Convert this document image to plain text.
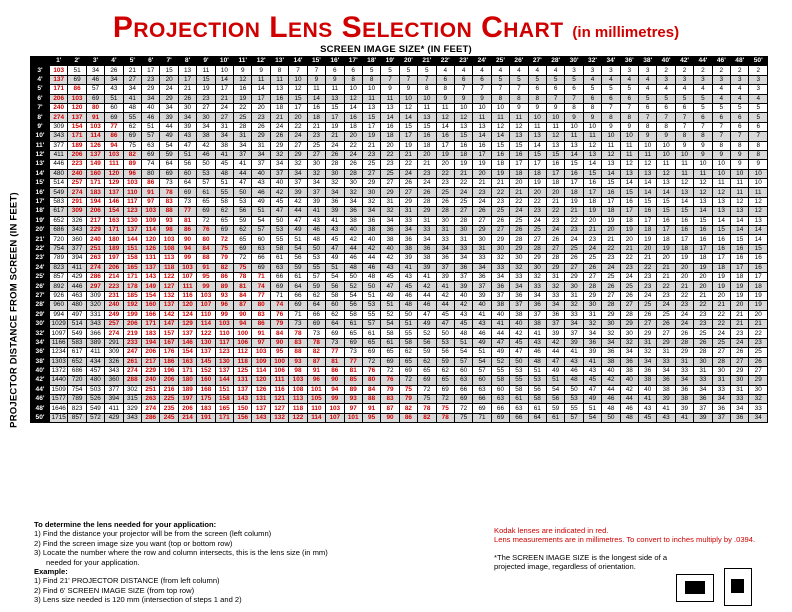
Projection Lens Selection Chart (in millimetres)
SCREEN IMAGE SIZE* (IN FEET)
PROJECTOR DISTANCE FROM SCREEN (IN FEET)
	1'	2'	3'	4'	5'	6'	7'	8'	9'	10'	11'	12'	13'	14'	15'	16'	17'	18'	19'	20'	21'	22'	23'	24'	25'	26'	27'	28'	30'	32'	34'	36'	38'	40'	42'	44'	46'	48'	50'
3'	103	51	34	26	21	17	15	13	11	10	9	9	8	7	7	6	6	5	5	5	5	4	4	4	4	4	4	4	3	3	3	3	3	2	2	2	2	2	2
4'	137	69	46	34	27	23	20	17	15	14	12	11	11	10	9	9	8	8	7	7	7	6	6	6	5	5	5	5	5	4	4	4	4	3	3	3	3	3	3
5'	171	86	57	43	34	29	24	21	19	17	16	14	13	12	11	11	10	10	9	9	8	8	7	7	7	7	6	6	6	5	5	5	4	4	4	4	4	4	3
6'	206	103	69	51	41	34	29	26	23	21	19	17	16	15	14	13	12	11	11	10	10	9	9	9	8	8	8	7	7	6	6	6	5	5	5	5	4	4	4
7'	240	120	80	60	48	40	34	30	27	24	22	20	18	17	16	15	14	13	13	12	11	11	10	10	10	9	9	9	8	8	7	7	6	6	6	5	5	5	5
8'	274	137	91	69	55	46	39	34	30	27	25	23	21	20	18	17	16	15	14	14	13	12	12	11	11	11	10	10	9	9	8	8	7	7	7	6	6	6	5
9'	309	154	103	77	62	51	44	39	34	31	28	26	24	22	21	19	18	17	16	15	15	14	13	13	12	12	11	11	10	10	9	9	8	8	7	7	7	6	6
10'	343	171	114	86	69	57	49	43	38	34	31	29	26	24	23	21	20	19	18	17	16	16	15	14	14	13	13	12	11	11	10	10	9	9	8	8	7	7	7
11'	377	189	126	94	75	63	54	47	42	38	34	31	29	27	25	24	22	21	20	19	18	17	16	16	15	15	14	13	13	12	11	11	10	10	9	9	8	8	8
12'	411	206	137	103	82	69	59	51	46	41	37	34	32	29	27	26	24	23	22	21	20	19	18	17	16	16	15	15	14	13	12	11	11	10	10	9	9	9	8
13'	446	223	149	111	89	74	64	56	50	45	41	37	34	32	30	28	26	25	23	22	21	20	19	19	18	17	17	16	15	14	13	12	12	11	11	10	10	9	9
14'	480	240	160	120	96	80	69	60	53	48	44	40	37	34	32	30	28	27	25	24	23	22	21	20	19	18	18	17	16	15	14	13	13	12	11	11	10	10	10
15'	514	257	171	129	103	86	73	64	57	51	47	43	40	37	34	32	30	29	27	26	24	23	22	21	21	20	19	18	17	16	15	14	14	13	12	12	11	11	10
16'	549	274	183	137	110	91	78	69	61	55	50	46	42	39	37	34	32	30	29	27	26	25	24	23	22	21	20	20	18	17	16	15	14	14	13	12	12	11	11
17'	583	291	194	146	117	97	83	73	65	58	53	49	45	42	39	36	34	32	31	29	28	26	25	24	23	22	22	21	19	18	17	16	15	15	14	13	13	12	12
18'	617	309	206	154	123	103	88	77	69	62	56	51	47	44	41	39	36	34	32	31	29	28	27	26	25	24	23	22	21	19	18	17	16	15	15	14	13	13	12
19'	652	326	217	163	130	109	93	81	72	65	59	54	50	47	43	41	38	36	34	33	31	30	28	27	26	25	24	23	22	20	19	18	17	16	16	15	14	14	13
20'	686	343	229	171	137	114	98	86	76	69	62	57	53	49	46	43	40	38	36	34	33	31	30	29	27	26	25	24	23	21	20	19	18	17	16	16	15	14	14
21'	720	360	240	180	144	120	103	90	80	72	65	60	55	51	48	45	42	40	38	36	34	33	31	30	29	28	27	26	24	23	21	20	19	18	17	16	16	15	14
22'	754	377	251	189	151	126	108	94	84	75	69	63	58	54	50	47	44	42	40	38	36	34	33	31	30	29	28	27	25	24	22	21	20	19	18	17	16	16	15
23'	789	394	263	197	158	131	113	99	88	79	72	66	61	56	53	49	46	44	42	39	38	36	34	33	32	30	29	28	26	25	23	22	21	20	19	18	17	16	16
24'	823	411	274	206	165	137	118	103	91	82	75	69	63	59	55	51	48	46	43	41	39	37	36	34	33	32	30	29	27	26	24	23	22	21	20	19	18	17	16
25'	857	429	286	214	171	143	122	107	95	86	78	71	66	61	57	54	50	48	45	43	41	39	37	36	34	33	32	31	29	27	25	24	23	21	20	20	19	18	17
26'	892	446	297	223	178	149	127	111	99	89	81	74	69	64	59	56	52	50	47	45	42	41	39	37	36	34	33	32	30	28	26	25	23	22	21	20	19	19	18
27'	926	463	309	231	185	154	132	116	103	93	84	77	71	66	62	58	54	51	49	46	44	42	40	39	37	36	34	33	31	29	27	26	24	23	22	21	20	19	19
28'	960	480	320	240	192	160	137	120	107	96	87	80	74	69	64	60	56	53	51	48	46	44	42	40	38	37	36	34	32	30	28	27	25	24	23	22	21	20	19
29'	994	497	331	249	199	166	142	124	110	99	90	83	76	71	66	62	58	55	52	50	47	45	43	41	40	38	37	36	33	31	29	28	26	25	24	23	22	21	20
30'	1029	514	343	257	206	171	147	129	114	103	94	86	79	73	69	64	61	57	54	51	49	47	45	43	41	40	38	37	34	32	30	29	27	26	24	23	22	21	21
32'	1097	549	366	274	219	183	157	137	122	110	100	91	84	78	73	69	65	61	58	55	52	50	48	46	44	42	41	39	37	34	32	30	29	27	26	25	24	23	22
34'	1166	583	389	291	233	194	167	146	130	117	106	97	90	83	78	73	69	65	61	58	56	53	51	49	47	45	43	42	39	36	34	32	31	29	28	26	25	24	23
36'	1234	617	411	309	247	206	176	154	137	123	112	103	95	88	82	77	73	69	65	62	59	56	54	51	49	47	46	44	41	39	36	34	32	31	29	28	27	26	25
38'	1303	652	434	326	261	217	186	163	145	130	118	109	100	93	87	81	77	72	69	65	62	59	57	54	52	50	48	47	43	41	38	36	34	33	31	30	28	27	26
40'	1372	686	457	343	274	229	196	171	152	137	125	114	106	98	91	86	81	76	72	69	65	62	60	57	55	53	51	49	46	43	40	38	36	34	33	31	30	29	27
42'	1440	720	480	360	288	240	206	180	160	144	131	120	111	103	96	90	85	80	76	72	69	65	63	60	58	55	53	51	48	45	42	40	38	36	34	33	31	30	29
44'	1509	754	503	377	302	251	216	189	168	151	137	126	116	108	101	94	89	84	79	75	72	69	66	63	60	58	56	54	50	47	44	42	40	38	36	34	33	31	30
46'	1577	789	526	394	315	263	225	197	175	158	143	131	121	113	105	99	93	88	83	79	75	72	69	66	63	61	58	56	53	49	46	44	41	39	38	36	34	33	32
48'	1646	823	549	411	329	274	235	206	183	165	150	137	127	118	110	103	97	91	87	82	78	75	72	69	66	63	61	59	55	51	48	46	43	41	39	37	36	34	33
50'	1715	857	572	429	343	286	245	214	191	171	156	143	132	122	114	107	101	95	90	86	82	78	75	71	69	66	64	61	57	54	50	48	45	43	41	39	37	36	34
To determine the lens needed for your application:
1) Find the distance your projector will be from the screen (left column)
2) Find the screen image size you want (top or bottom row)
3) Locate the number where the row and column intersects, this is the lens size (in mm)
needed for your application.
Example:
1) Find 21' PROJECTOR DISTANCE (from left column)
2) Find 6' SCREEN IMAGE SIZE (from top row)
3) Lens size needed is 120 mm (intersection of steps 1 and 2)
Kodak lenses are indicated in red.
Lens measurements are in millimetres. To convert to inches multiply by .0394.
*The SCREEN IMAGE SIZE is the longest side of a projected image, regardless of orientation.
